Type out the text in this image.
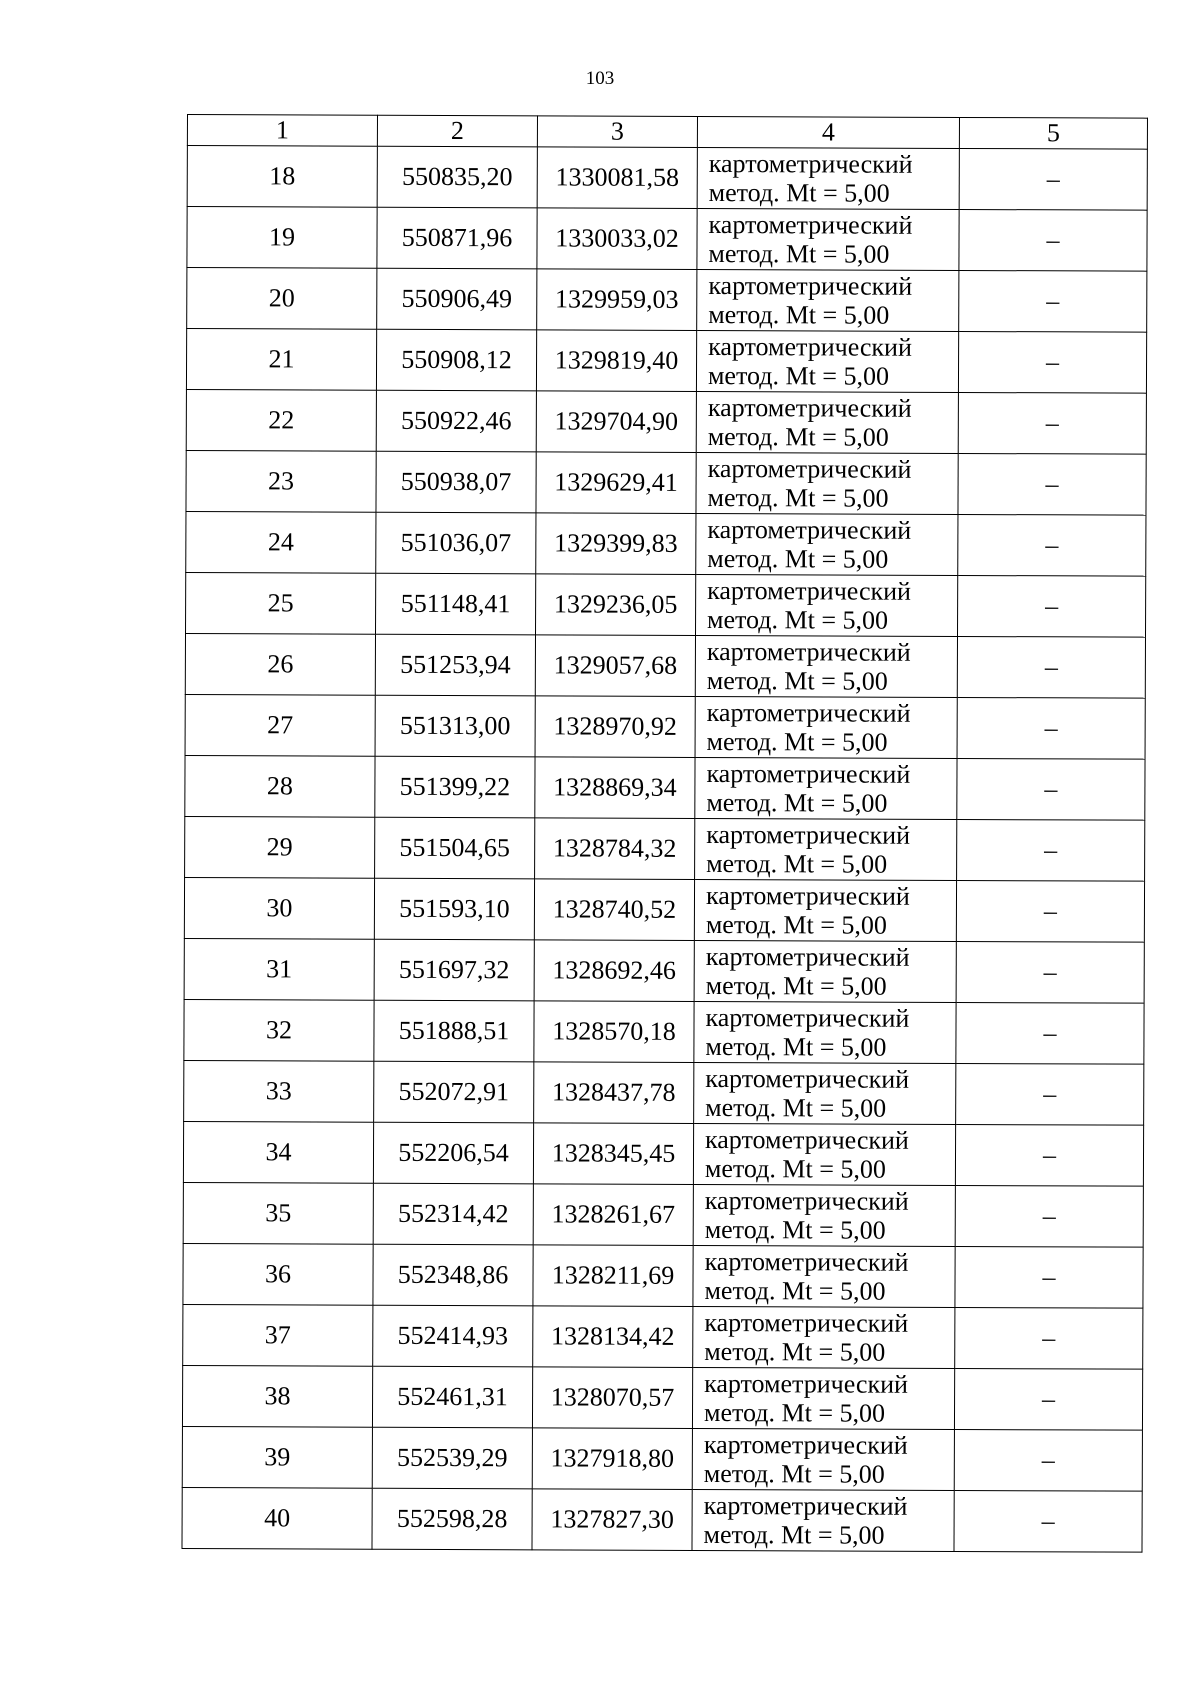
103
1	2	3	4	5
18	550835,20	1330081,58	картометрический
метод. Mt = 5,00	–
19	550871,96	1330033,02	картометрический
метод. Mt = 5,00	–
20	550906,49	1329959,03	картометрический
метод. Mt = 5,00	–
21	550908,12	1329819,40	картометрический
метод. Mt = 5,00	–
22	550922,46	1329704,90	картометрический
метод. Mt = 5,00	–
23	550938,07	1329629,41	картометрический
метод. Mt = 5,00	–
24	551036,07	1329399,83	картометрический
метод. Mt = 5,00	–
25	551148,41	1329236,05	картометрический
метод. Mt = 5,00	–
26	551253,94	1329057,68	картометрический
метод. Mt = 5,00	–
27	551313,00	1328970,92	картометрический
метод. Mt = 5,00	–
28	551399,22	1328869,34	картометрический
метод. Mt = 5,00	–
29	551504,65	1328784,32	картометрический
метод. Mt = 5,00	–
30	551593,10	1328740,52	картометрический
метод. Mt = 5,00	–
31	551697,32	1328692,46	картометрический
метод. Mt = 5,00	–
32	551888,51	1328570,18	картометрический
метод. Mt = 5,00	–
33	552072,91	1328437,78	картометрический
метод. Mt = 5,00	–
34	552206,54	1328345,45	картометрический
метод. Mt = 5,00	–
35	552314,42	1328261,67	картометрический
метод. Mt = 5,00	–
36	552348,86	1328211,69	картометрический
метод. Mt = 5,00	–
37	552414,93	1328134,42	картометрический
метод. Mt = 5,00	–
38	552461,31	1328070,57	картометрический
метод. Mt = 5,00	–
39	552539,29	1327918,80	картометрический
метод. Mt = 5,00	–
40	552598,28	1327827,30	картометрический
метод. Mt = 5,00	–
